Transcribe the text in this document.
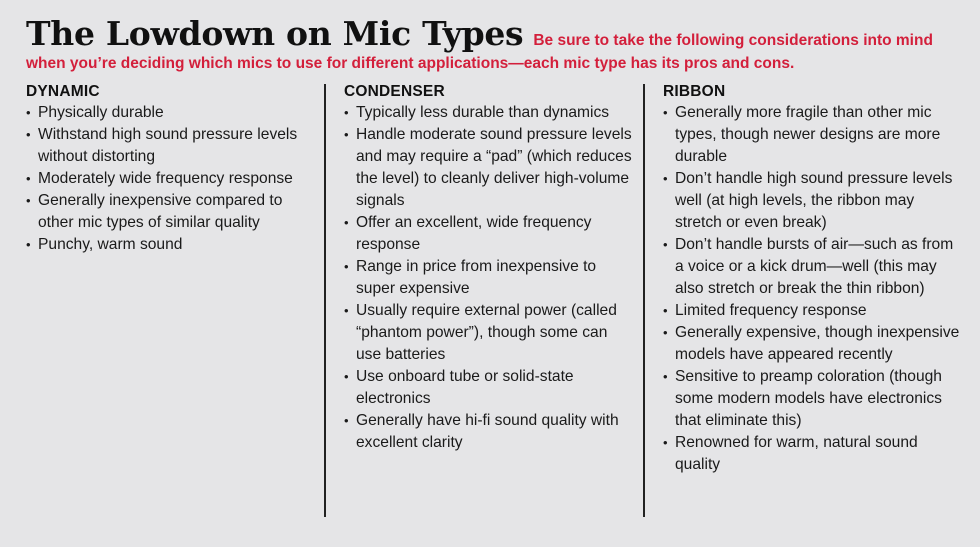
The Lowdown on Mic Types Be sure to take the following considerations into mind
when you’re deciding which mics to use for different applications—each mic type has its pros and cons.
DYNAMIC
• Physically durable
• Withstand high sound pressure levels without distorting
• Moderately wide frequency response
• Generally inexpensive compared to other mic types of similar quality
• Punchy, warm sound
CONDENSER
• Typically less durable than dynamics
• Handle moderate sound pressure levels and may require a “pad” (which reduces the level) to cleanly deliver high-volume signals
• Offer an excellent, wide frequency response
• Range in price from inexpensive to super expensive
• Usually require external power (called “phantom power”), though some can use batteries
• Use onboard tube or solid-state electronics
• Generally have hi-fi sound quality with excellent clarity
RIBBON
• Generally more fragile than other mic types, though newer designs are more durable
• Don’t handle high sound pressure levels well (at high levels, the ribbon may stretch or even break)
• Don’t handle bursts of air—such as from a voice or a kick drum—well (this may also stretch or break the thin ribbon)
• Limited frequency response
• Generally expensive, though inexpensive models have appeared recently
• Sensitive to preamp coloration (though some modern models have electronics that eliminate this)
• Renowned for warm, natural sound quality
